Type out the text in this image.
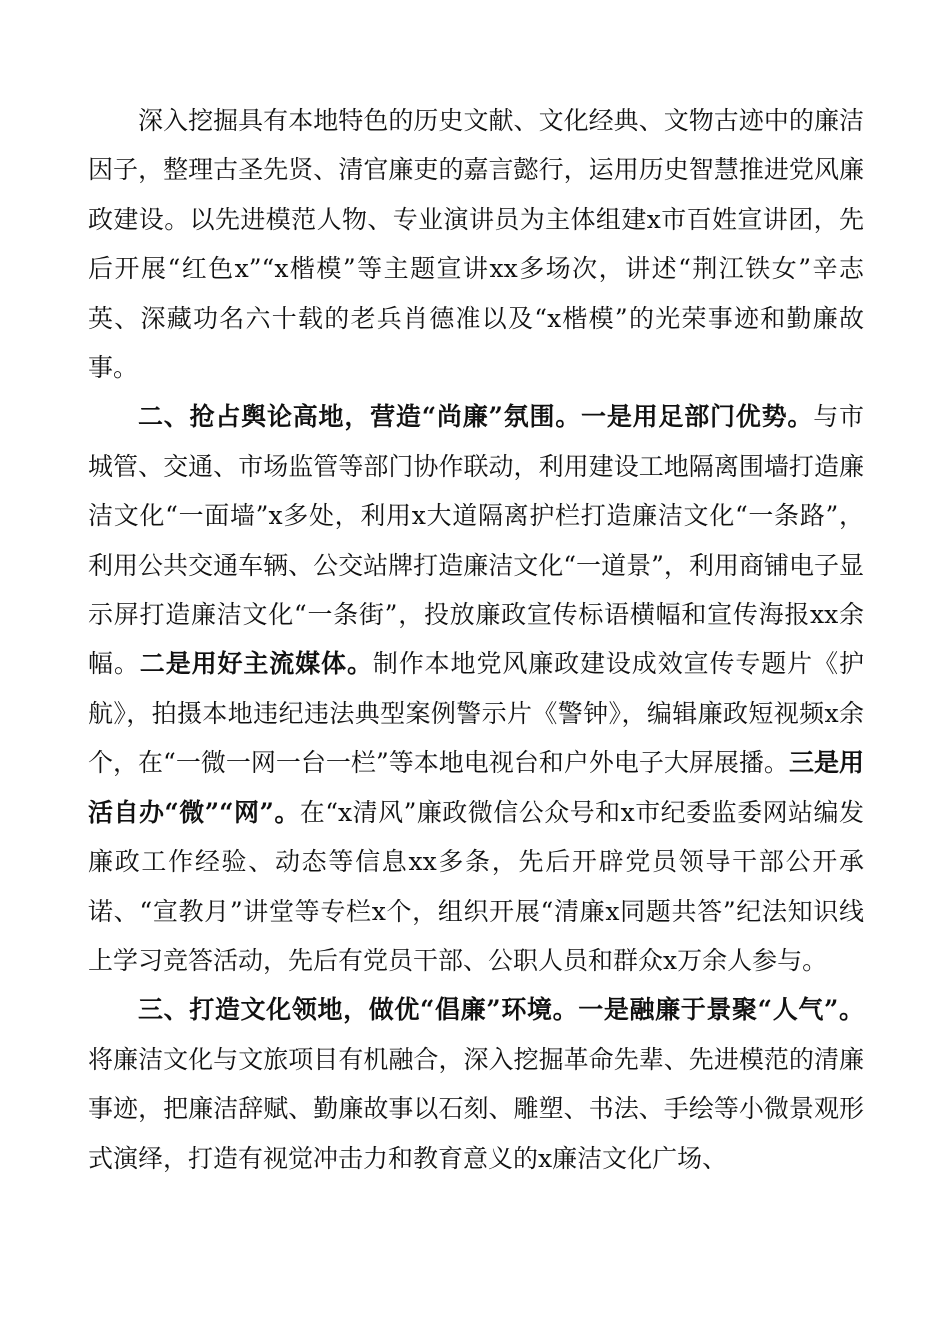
深入挖掘具有本地特色的历史文献、文化经典、文物古迹中的廉洁因子，整理古圣先贤、清官廉吏的嘉言懿行，运用历史智慧推进党风廉政建设。以先进模范人物、专业演讲员为主体组建x市百姓宣讲团，先后开展“红色x”“x楷模”等主题宣讲xx多场次，讲述“荆江铁女”辛志英、深藏功名六十载的老兵肖德准以及“x楷模”的光荣事迹和勤廉故事。

二、抢占舆论高地，营造“尚廉”氛围。一是用足部门优势。与市城管、交通、市场监管等部门协作联动，利用建设工地隔离围墙打造廉洁文化“一面墙”x多处，利用x大道隔离护栏打造廉洁文化“一条路”，利用公共交通车辆、公交站牌打造廉洁文化“一道景”，利用商铺电子显示屏打造廉洁文化“一条街”，投放廉政宣传标语横幅和宣传海报xx余幅。二是用好主流媒体。制作本地党风廉政建设成效宣传专题片《护航》，拍摄本地违纪违法典型案例警示片《警钟》，编辑廉政短视频x余个，在“一微一网一台一栏”等本地电视台和户外电子大屏展播。三是用活自办“微”“网”。在“x清风”廉政微信公众号和x市纪委监委网站编发廉政工作经验、动态等信息xx多条，先后开辟党员领导干部公开承诺、“宣教月”讲堂等专栏x个，组织开展“清廉x同题共答”纪法知识线上学习竞答活动，先后有党员干部、公职人员和群众x万余人参与。

三、打造文化领地，做优“倡廉”环境。一是融廉于景聚“人气”。将廉洁文化与文旅项目有机融合，深入挖掘革命先辈、先进模范的清廉事迹，把廉洁辞赋、勤廉故事以石刻、雕塑、书法、手绘等小微景观形式演绎，打造有视觉冲击力和教育意义的x廉洁文化广场、
